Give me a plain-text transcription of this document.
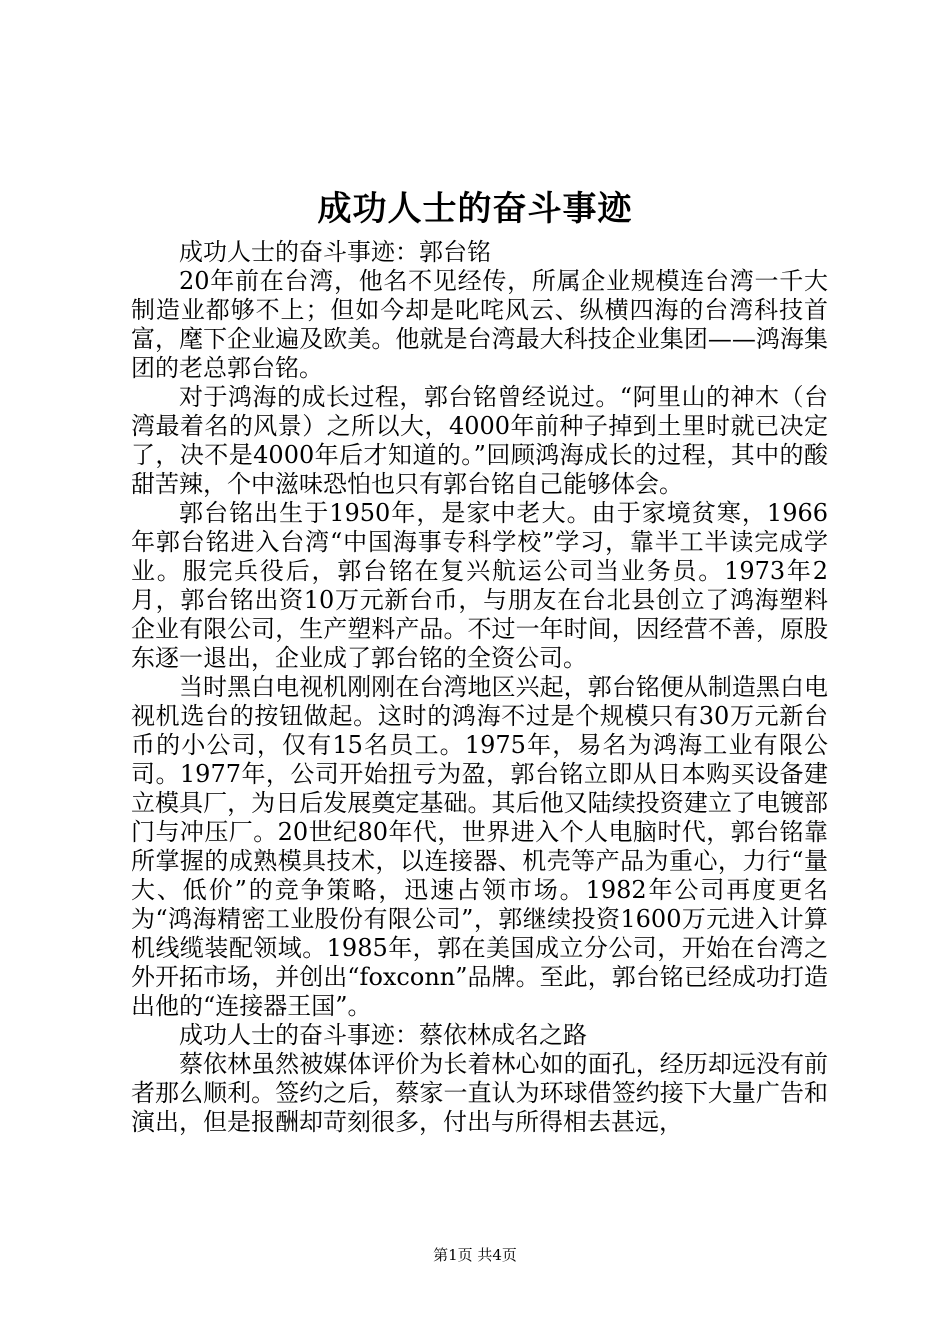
成功人士的奋斗事迹

成功人士的奋斗事迹：郭台铭

20年前在台湾，他名不见经传，所属企业规模连台湾一千大制造业都够不上；但如今却是叱咤风云、纵横四海的台湾科技首富，麾下企业遍及欧美。他就是台湾最大科技企业集团——鸿海集团的老总郭台铭。

对于鸿海的成长过程，郭台铭曾经说过。“阿里山的神木（台湾最着名的风景）之所以大，4000年前种子掉到土里时就已决定了，决不是4000年后才知道的。”回顾鸿海成长的过程，其中的酸甜苦辣，个中滋味恐怕也只有郭台铭自己能够体会。

郭台铭出生于1950年，是家中老大。由于家境贫寒，1966年郭台铭进入台湾“中国海事专科学校”学习，靠半工半读完成学业。服完兵役后，郭台铭在复兴航运公司当业务员。1973年2月，郭台铭出资10万元新台币，与朋友在台北县创立了鸿海塑料企业有限公司，生产塑料产品。不过一年时间，因经营不善，原股东逐一退出，企业成了郭台铭的全资公司。

当时黑白电视机刚刚在台湾地区兴起，郭台铭便从制造黑白电视机选台的按钮做起。这时的鸿海不过是个规模只有30万元新台币的小公司，仅有15名员工。1975年，易名为鸿海工业有限公司。1977年，公司开始扭亏为盈，郭台铭立即从日本购买设备建立模具厂，为日后发展奠定基础。其后他又陆续投资建立了电镀部门与冲压厂。20世纪80年代，世界进入个人电脑时代，郭台铭靠所掌握的成熟模具技术，以连接器、机壳等产品为重心，力行“量大、低价”的竞争策略，迅速占领市场。1982年公司再度更名为“鸿海精密工业股份有限公司”，郭继续投资1600万元进入计算机线缆装配领域。1985年，郭在美国成立分公司，开始在台湾之外开拓市场，并创出“foxconn”品牌。至此，郭台铭已经成功打造出他的“连接器王国”。

成功人士的奋斗事迹：蔡依林成名之路

蔡依林虽然被媒体评价为长着林心如的面孔，经历却远没有前者那么顺利。签约之后，蔡家一直认为环球借签约接下大量广告和演出，但是报酬却苛刻很多，付出与所得相去甚远，

第1页 共4页
